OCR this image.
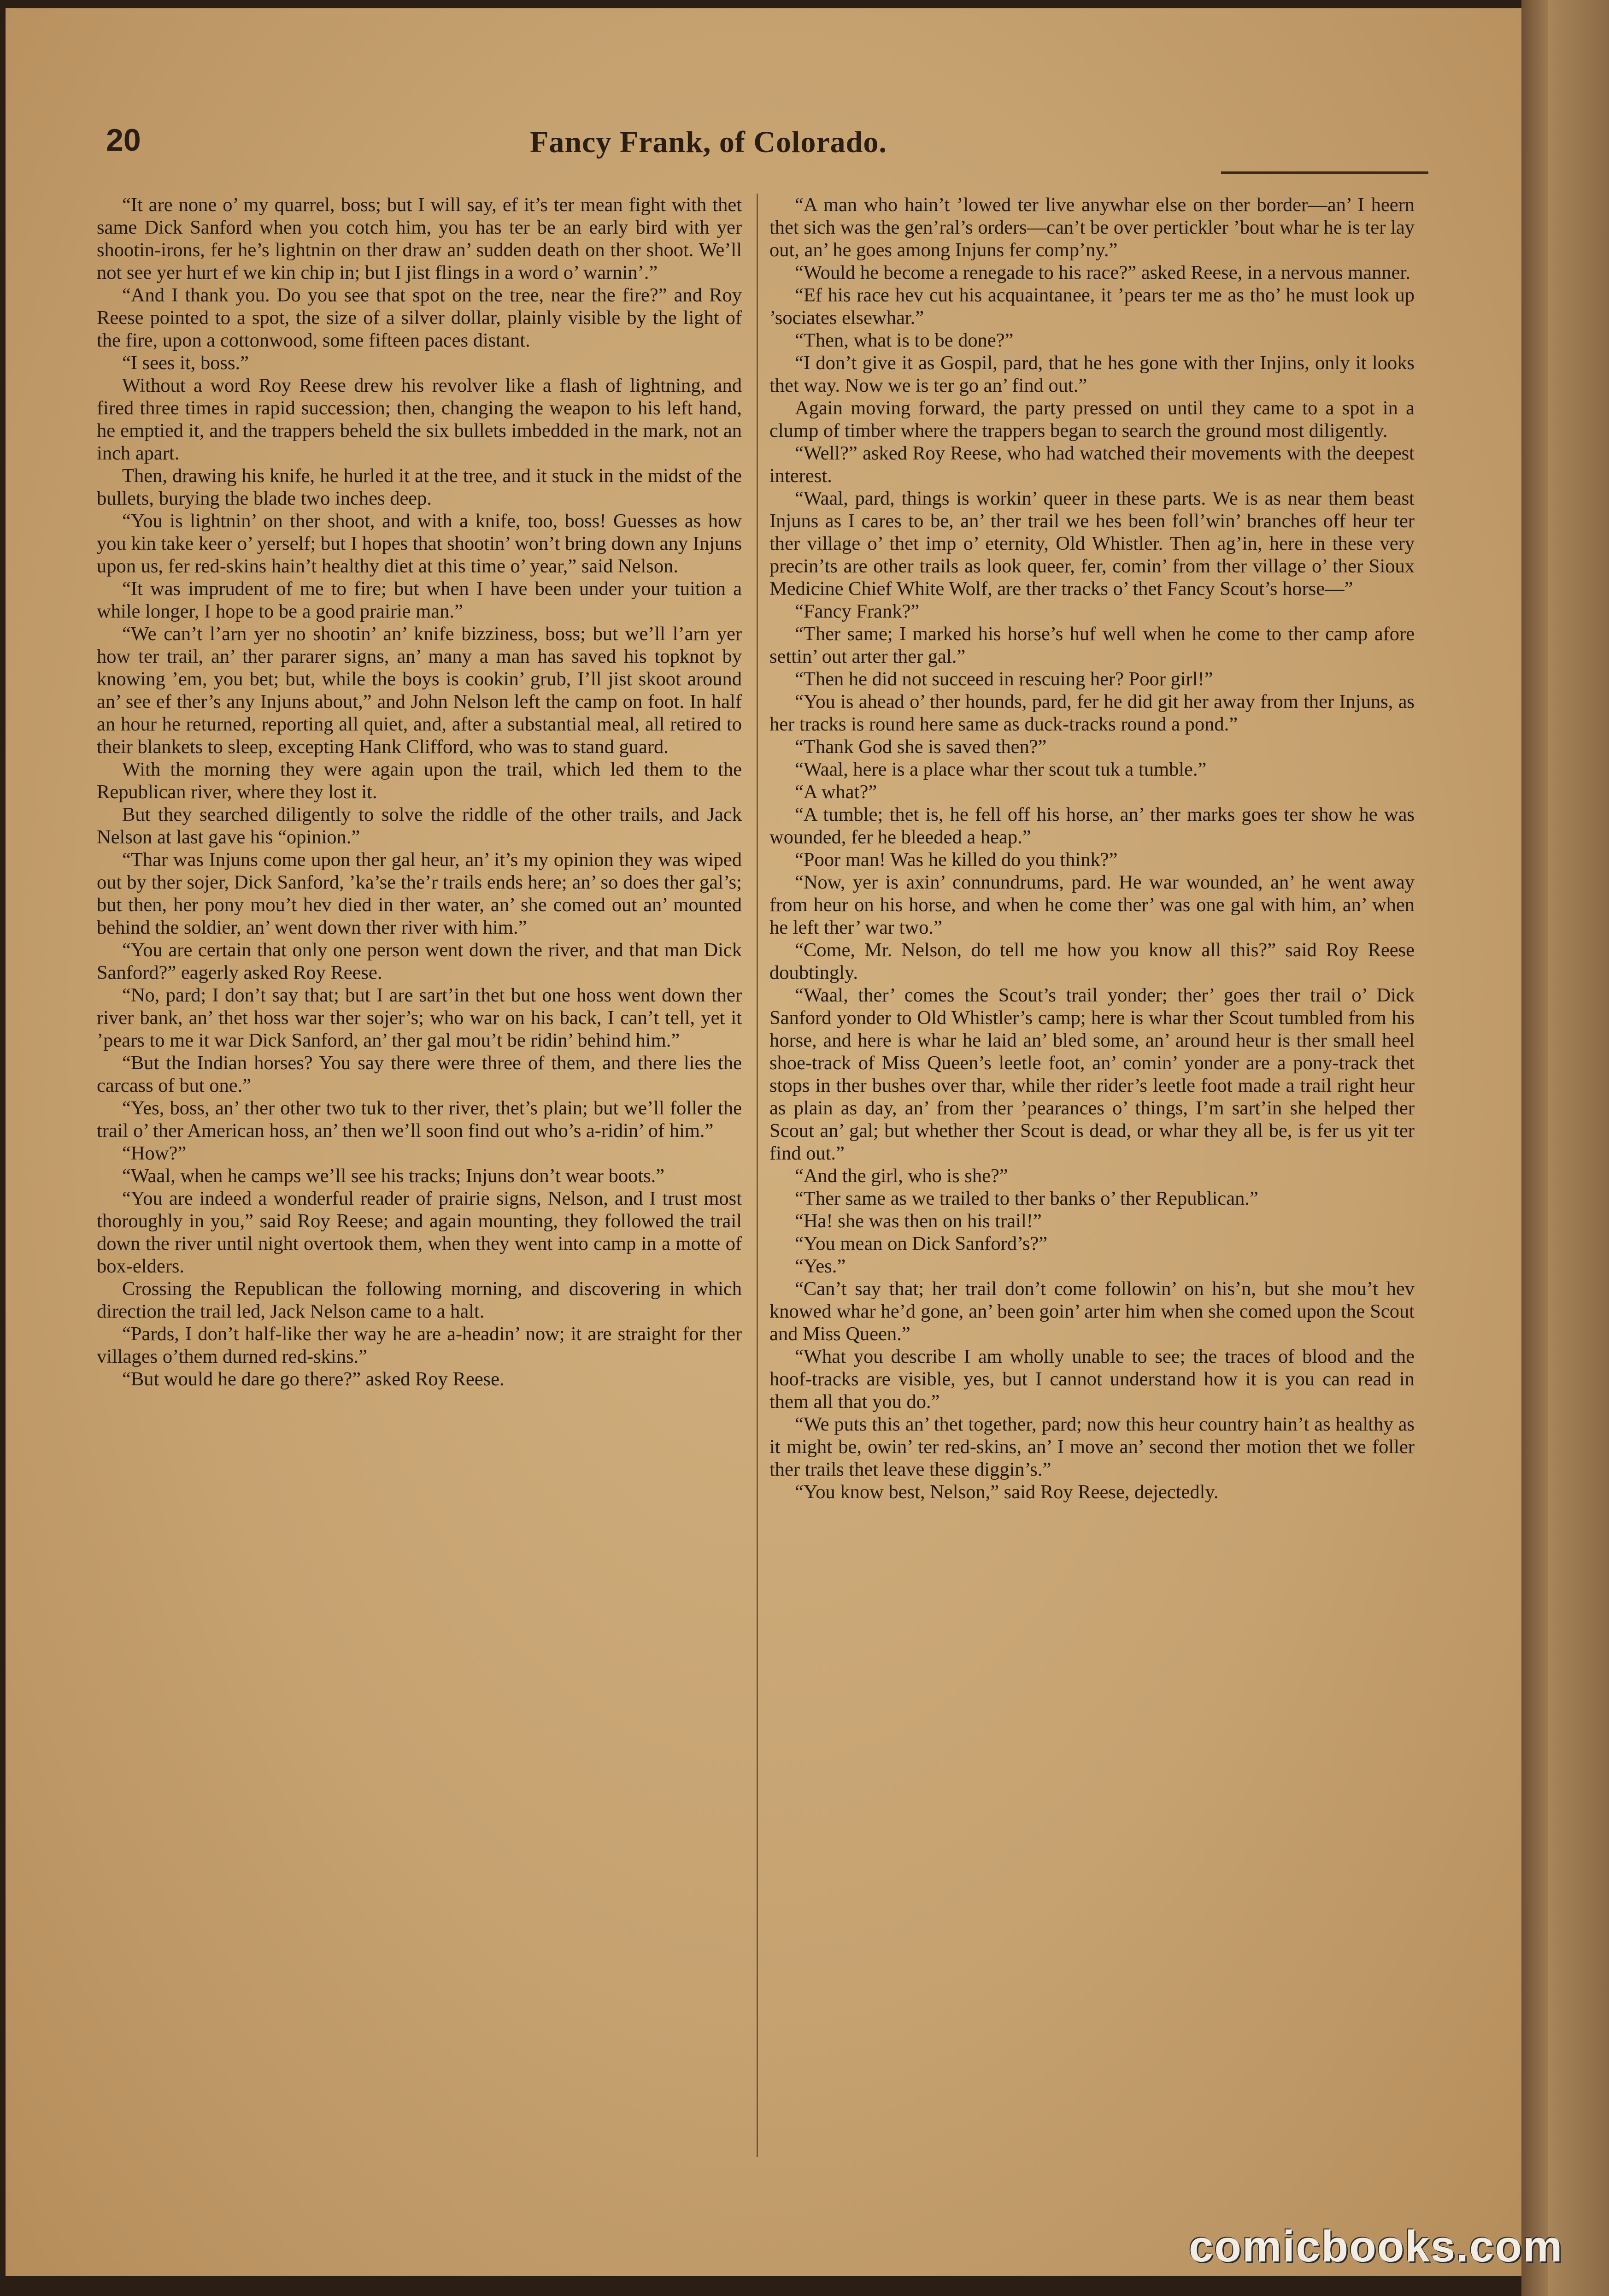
20	Fancy Frank, of Colorado.

“It are none o’ my quarrel, boss; but I will say, ef it’s ter mean fight with thet same Dick Sanford when you cotch him, you has ter be an early bird with yer shootin-irons, fer he’s lightnin on ther draw an’ sudden death on ther shoot. We’ll not see yer hurt ef we kin chip in; but I jist flings in a word o’ warnin’.”

“And I thank you. Do you see that spot on the tree, near the fire?” and Roy Reese pointed to a spot, the size of a silver dollar, plainly visible by the light of the fire, upon a cottonwood, some fifteen paces distant.

“I sees it, boss.”

Without a word Roy Reese drew his revolver like a flash of lightning, and fired three times in rapid succession; then, changing the weapon to his left hand, he emptied it, and the trappers beheld the six bullets imbedded in the mark, not an inch apart.

Then, drawing his knife, he hurled it at the tree, and it stuck in the midst of the bullets, burying the blade two inches deep.

“You is lightnin’ on ther shoot, and with a knife, too, boss! Guesses as how you kin take keer o’ yerself; but I hopes that shootin’ won’t bring down any Injuns upon us, fer red-skins hain’t healthy diet at this time o’ year,” said Nelson.

“It was imprudent of me to fire; but when I have been under your tuition a while longer, I hope to be a good prairie man.”

“We can’t l’arn yer no shootin’ an’ knife bizziness, boss; but we’ll l’arn yer how ter trail, an’ ther pararer signs, an’ many a man has saved his topknot by knowing ’em, you bet; but, while the boys is cookin’ grub, I’ll jist skoot around an’ see ef ther’s any Injuns about,” and John Nelson left the camp on foot. In half an hour he returned, reporting all quiet, and, after a substantial meal, all retired to their blankets to sleep, excepting Hank Clifford, who was to stand guard.

With the morning they were again upon the trail, which led them to the Republican river, where they lost it.

But they searched diligently to solve the riddle of the other trails, and Jack Nelson at last gave his “opinion.”

“Thar was Injuns come upon ther gal heur, an’ it’s my opinion they was wiped out by ther sojer, Dick Sanford, ’ka’se the’r trails ends here; an’ so does ther gal’s; but then, her pony mou’t hev died in ther water, an’ she comed out an’ mounted behind the soldier, an’ went down ther river with him.”

“You are certain that only one person went down the river, and that man Dick Sanford?” eagerly asked Roy Reese.

“No, pard; I don’t say that; but I are sart’in thet but one hoss went down ther river bank, an’ thet hoss war ther sojer’s; who war on his back, I can’t tell, yet it ’pears to me it war Dick Sanford, an’ ther gal mou’t be ridin’ behind him.”

“But the Indian horses? You say there were three of them, and there lies the carcass of but one.”

“Yes, boss, an’ ther other two tuk to ther river, thet’s plain; but we’ll foller the trail o’ ther American hoss, an’ then we’ll soon find out who’s a-ridin’ of him.”

“How?”

“Waal, when he camps we’ll see his tracks; Injuns don’t wear boots.”

“You are indeed a wonderful reader of prairie signs, Nelson, and I trust most thoroughly in you,” said Roy Reese; and again mounting, they followed the trail down the river until night overtook them, when they went into camp in a motte of box-elders.

Crossing the Republican the following morning, and discovering in which direction the trail led, Jack Nelson came to a halt.

“Pards, I don’t half-like ther way he are a-headin’ now; it are straight for ther villages o’them durned red-skins.”

“But would he dare go there?” asked Roy Reese.

“A man who hain’t ’lowed ter live anywhar else on ther border—an’ I heern thet sich was the gen’ral’s orders—can’t be over pertickler ’bout whar he is ter lay out, an’ he goes among Injuns fer comp’ny.”

“Would he become a renegade to his race?” asked Reese, in a nervous manner.

“Ef his race hev cut his acquaintanee, it ’pears ter me as tho’ he must look up ’sociates elsewhar.”

“Then, what is to be done?”

“I don’t give it as Gospil, pard, that he hes gone with ther Injins, only it looks thet way. Now we is ter go an’ find out.”

Again moving forward, the party pressed on until they came to a spot in a clump of timber where the trappers began to search the ground most diligently.

“Well?” asked Roy Reese, who had watched their movements with the deepest interest.

“Waal, pard, things is workin’ queer in these parts. We is as near them beast Injuns as I cares to be, an’ ther trail we hes been foll’win’ branches off heur ter ther village o’ thet imp o’ eternity, Old Whistler. Then ag’in, here in these very precin’ts are other trails as look queer, fer, comin’ from ther village o’ ther Sioux Medicine Chief White Wolf, are ther tracks o’ thet Fancy Scout’s horse—”

“Fancy Frank?”

“Ther same; I marked his horse’s huf well when he come to ther camp afore settin’ out arter ther gal.”

“Then he did not succeed in rescuing her? Poor girl!”

“You is ahead o’ ther hounds, pard, fer he did git her away from ther Injuns, as her tracks is round here same as duck-tracks round a pond.”

“Thank God she is saved then?”

“Waal, here is a place whar ther scout tuk a tumble.”

“A what?”

“A tumble; thet is, he fell off his horse, an’ ther marks goes ter show he was wounded, fer he bleeded a heap.”

“Poor man! Was he killed do you think?”

“Now, yer is axin’ connundrums, pard. He war wounded, an’ he went away from heur on his horse, and when he come ther’ was one gal with him, an’ when he left ther’ war two.”

“Come, Mr. Nelson, do tell me how you know all this?” said Roy Reese doubtingly.

“Waal, ther’ comes the Scout’s trail yonder; ther’ goes ther trail o’ Dick Sanford yonder to Old Whistler’s camp; here is whar ther Scout tumbled from his horse, and here is whar he laid an’ bled some, an’ around heur is ther small heel shoe-track of Miss Queen’s leetle foot, an’ comin’ yonder are a pony-track thet stops in ther bushes over thar, while ther rider’s leetle foot made a trail right heur as plain as day, an’ from ther ’pearances o’ things, I’m sart’in she helped ther Scout an’ gal; but whether ther Scout is dead, or whar they all be, is fer us yit ter find out.”

“And the girl, who is she?”

“Ther same as we trailed to ther banks o’ ther Republican.”

“Ha! she was then on his trail!”

“You mean on Dick Sanford’s?”

“Yes.”

“Can’t say that; her trail don’t come followin’ on his’n, but she mou’t hev knowed whar he’d gone, an’ been goin’ arter him when she comed upon the Scout and Miss Queen.”

“What you describe I am wholly unable to see; the traces of blood and the hoof-tracks are visible, yes, but I cannot understand how it is you can read in them all that you do.”

“We puts this an’ thet together, pard; now this heur country hain’t as healthy as it might be, owin’ ter red-skins, an’ I move an’ second ther motion thet we foller ther trails thet leave these diggin’s.”

“You know best, Nelson,” said Roy Reese, dejectedly.

comicbooks.com
